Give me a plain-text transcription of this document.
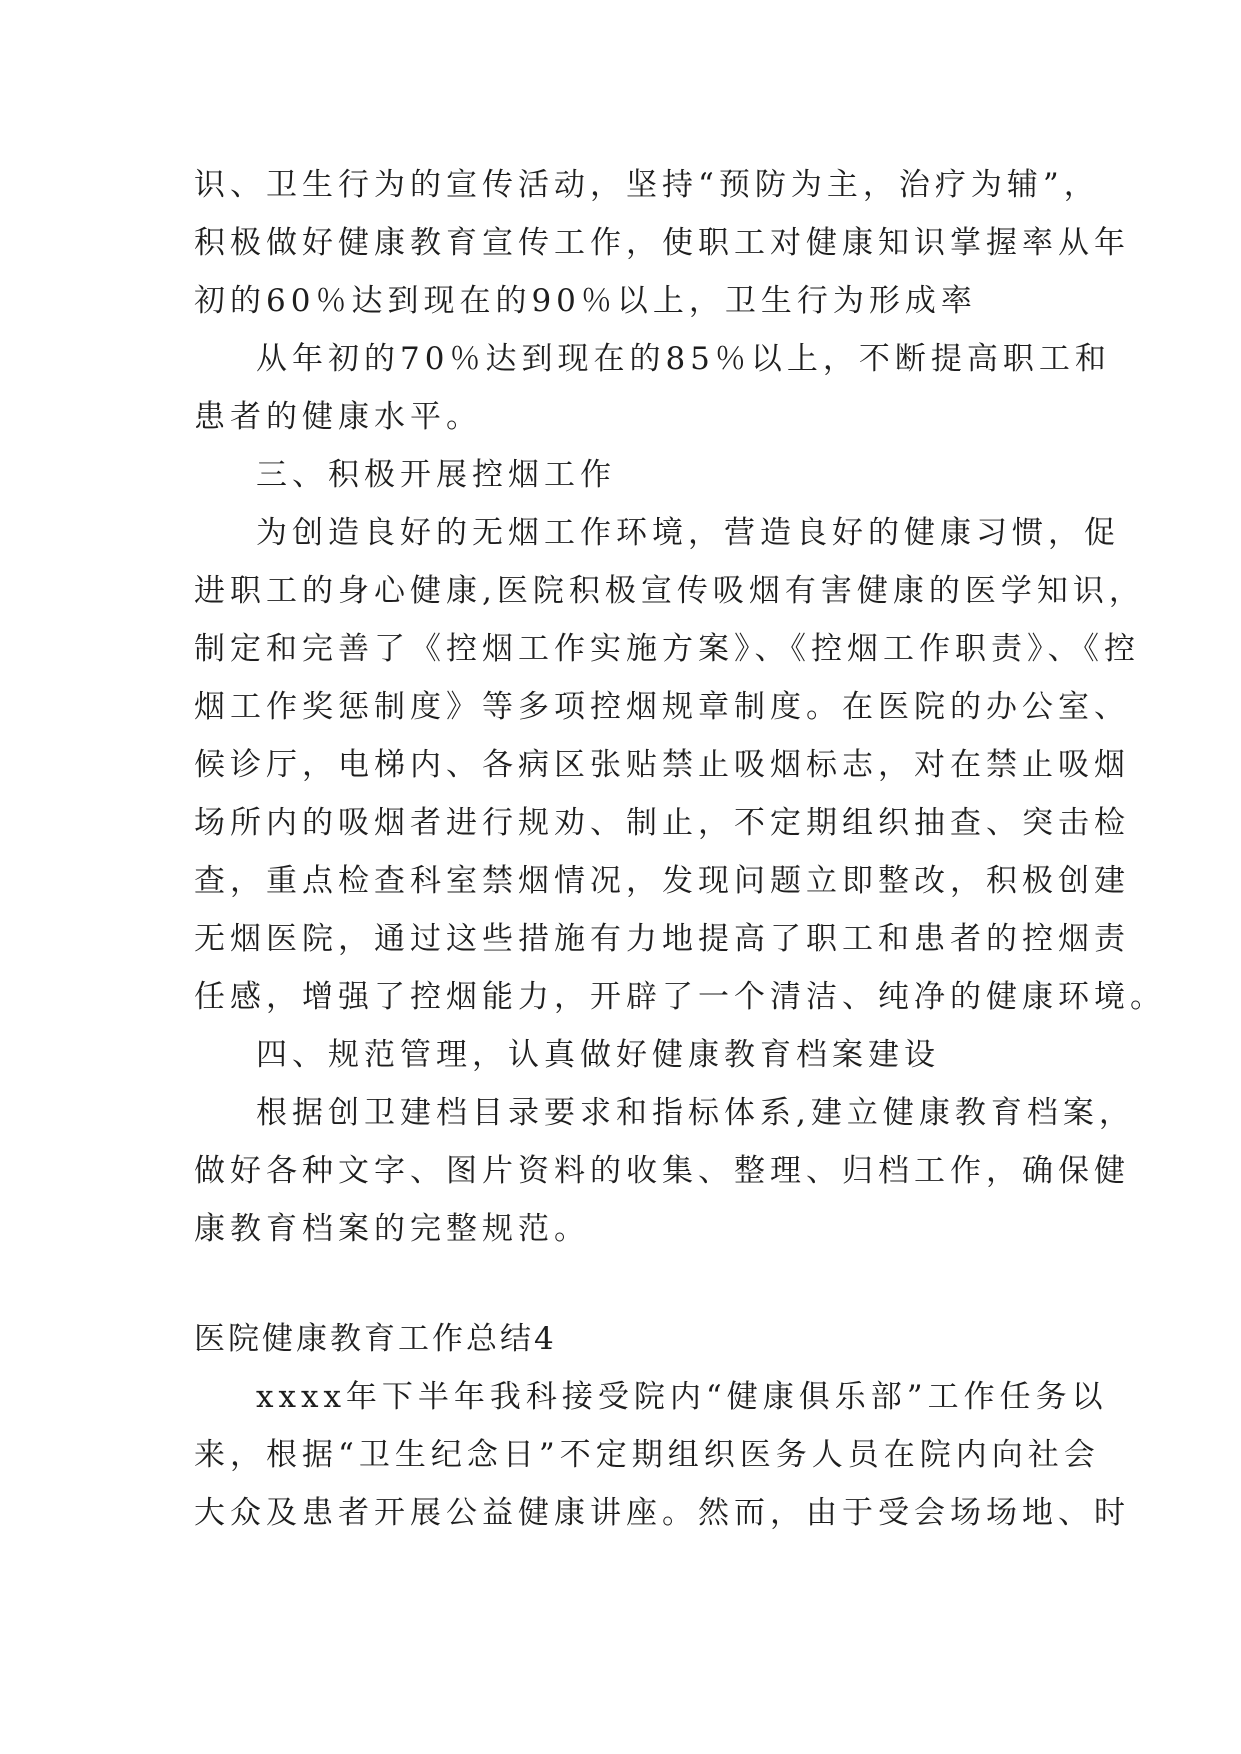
识、卫生行为的宣传活动，坚持“预防为主，治疗为辅”，
积极做好健康教育宣传工作，使职工对健康知识掌握率从年
初的60％达到现在的90％以上，卫生行为形成率
从年初的70％达到现在的85％以上，不断提高职工和
患者的健康水平。
三、积极开展控烟工作
为创造良好的无烟工作环境，营造良好的健康习惯，促
进职工的身心健康,医院积极宣传吸烟有害健康的医学知识，
制定和完善了《控烟工作实施方案》、《控烟工作职责》、《控
烟工作奖惩制度》等多项控烟规章制度。在医院的办公室、
候诊厅，电梯内、各病区张贴禁止吸烟标志，对在禁止吸烟
场所内的吸烟者进行规劝、制止，不定期组织抽查、突击检
查，重点检查科室禁烟情况，发现问题立即整改，积极创建
无烟医院，通过这些措施有力地提高了职工和患者的控烟责
任感，增强了控烟能力，开辟了一个清洁、纯净的健康环境。
四、规范管理，认真做好健康教育档案建设
根据创卫建档目录要求和指标体系,建立健康教育档案，
做好各种文字、图片资料的收集、整理、归档工作，确保健
康教育档案的完整规范。
医院健康教育工作总结4
xxxx年下半年我科接受院内“健康俱乐部”工作任务以
来，根据“卫生纪念日”不定期组织医务人员在院内向社会
大众及患者开展公益健康讲座。然而，由于受会场场地、时
